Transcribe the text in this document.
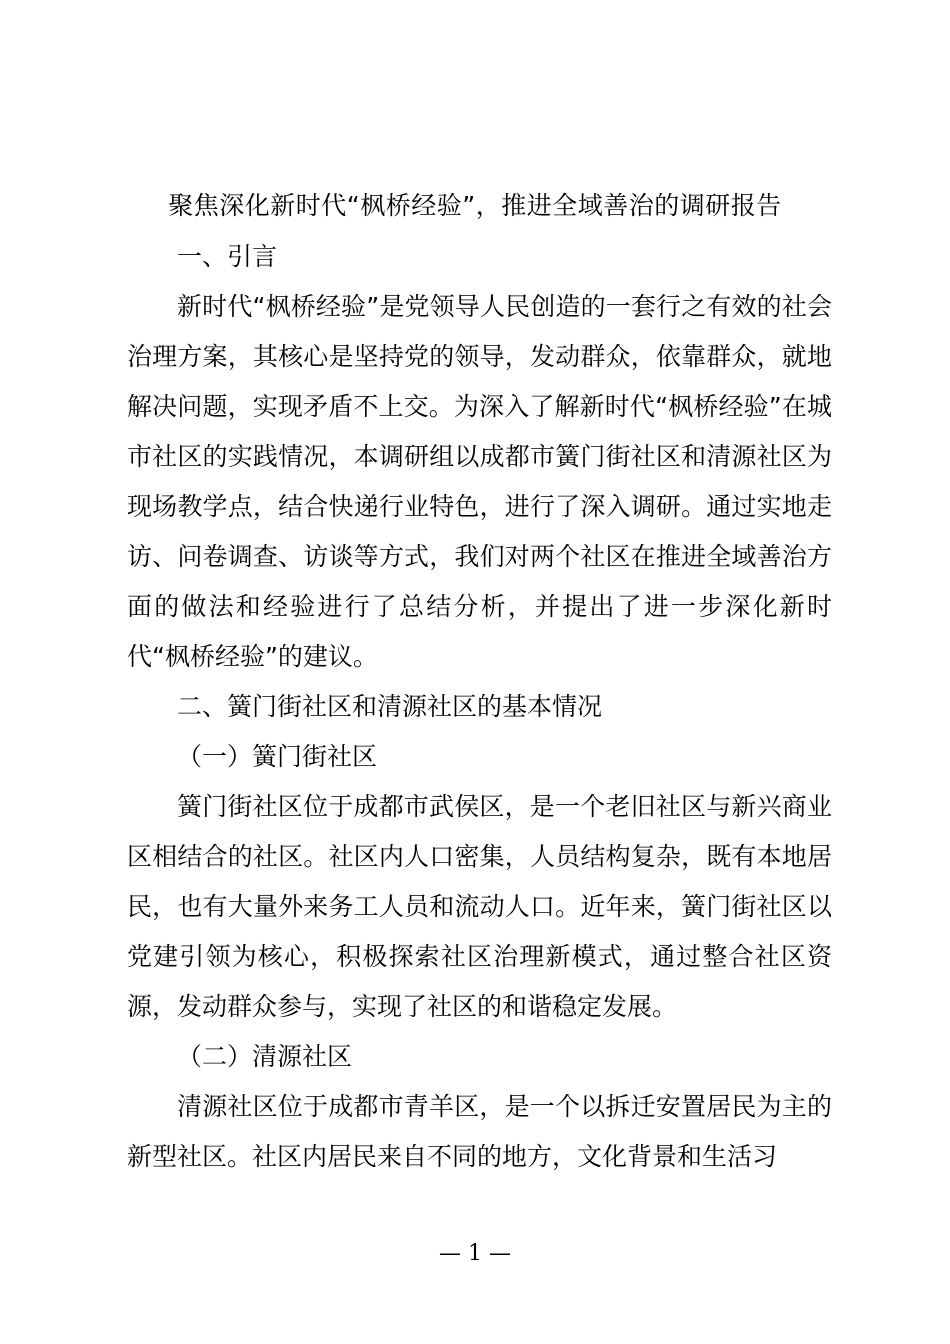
聚焦深化新时代“枫桥经验”，推进全域善治的调研报告

一、引言

新时代“枫桥经验”是党领导人民创造的一套行之有效的社会治理方案，其核心是坚持党的领导，发动群众，依靠群众，就地解决问题，实现矛盾不上交。为深入了解新时代“枫桥经验”在城市社区的实践情况，本调研组以成都市簧门街社区和清源社区为现场教学点，结合快递行业特色，进行了深入调研。通过实地走访、问卷调查、访谈等方式，我们对两个社区在推进全域善治方面的做法和经验进行了总结分析，并提出了进一步深化新时代“枫桥经验”的建议。

二、簧门街社区和清源社区的基本情况

（一）簧门街社区

簧门街社区位于成都市武侯区，是一个老旧社区与新兴商业区相结合的社区。社区内人口密集，人员结构复杂，既有本地居民，也有大量外来务工人员和流动人口。近年来，簧门街社区以党建引领为核心，积极探索社区治理新模式，通过整合社区资源，发动群众参与，实现了社区的和谐稳定发展。

（二）清源社区

清源社区位于成都市青羊区，是一个以拆迁安置居民为主的新型社区。社区内居民来自不同的地方，文化背景和生活习

— 1 —
